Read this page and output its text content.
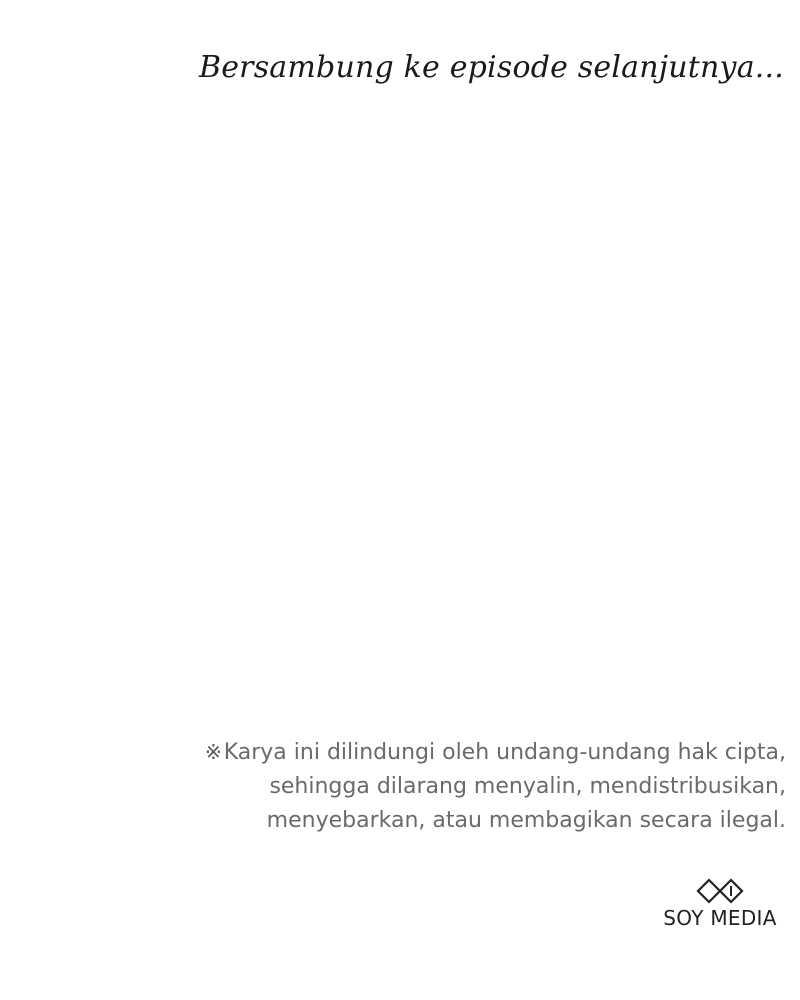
Bersambung ke episode selanjutnya...
※Karya ini dilindungi oleh undang-undang hak cipta,
sehingga dilarang menyalin, mendistribusikan,
menyebarkan, atau membagikan secara ilegal.
SOY MEDIA
